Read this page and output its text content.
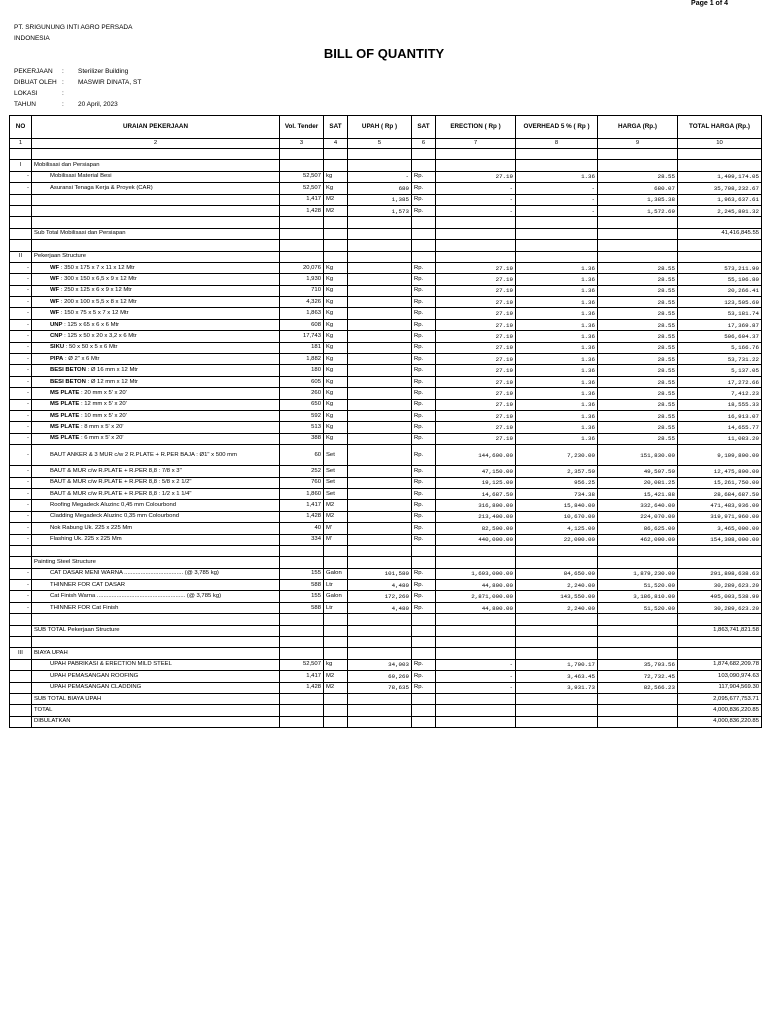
Page 1 of 4
PT. SRIGUNUNG INTI AGRO PERSADA
INDONESIA
BILL OF QUANTITY
PEKERJAAN : Sterilizer Building
DIBUAT OLEH : MASWIR DINATA, ST
LOKASI	:
TAHUN	: 20 April, 2023
NO	URAIAN PEKERJAAN	Vol. Tender	SAT	UPAH ( Rp )	SAT	ERECTION ( Rp )	OVERHEAD 5 % ( Rp )	HARGA (Rp.)	TOTAL HARGA (Rp.)
1	2	3	4	5	6	7	8	9	10

I	Mobilisasi dan Persiapan								
-	Mobilisasi Material Besi	52,507	kg	-	Rp.	27.19	1.36	28.55	1,499,174.05
-	Asuransi Tenaga Kerja & Proyek (CAR)	52,507	Kg	680	Rp.	-	-	680.07	35,708,232.67
		1,417	M2	1,385	Rp.	-	-	1,385.38	1,963,637.61
		1,428	M2	1,573	Rp.	-	-	1,572.69	2,245,801.32

	Sub Total Mobilisasi dan Persiapan								41,416,845.55

II	Pekerjaan Structure								
-	WF : 350 x 175 x 7 x 11 x 12 Mtr	20,076	Kg		Rp.	27.19	1.36	28.55	573,211.90
-	WF : 300 x 150 x 6,5 x 9 x 12 Mtr	1,930	Kg		Rp.	27.19	1.36	28.55	55,106.80
-	WF : 250 x 125 x 6 x 9 x 12 Mtr	710	Kg		Rp.	27.19	1.36	28.55	20,266.41
-	WF : 200 x 100 x 5,5 x 8 x 12 Mtr	4,326	Kg		Rp.	27.19	1.36	28.55	123,505.69
-	WF : 150 x 75 x 5 x 7 x 12 Mtr	1,863	Kg		Rp.	27.19	1.36	28.55	53,181.74
-	UNP : 125 x 65 x 6 x 6 Mtr	608	Kg		Rp.	27.19	1.36	28.55	17,369.87
-	CNP : 125 x 50 x 20 x 3,2 x 6 Mtr	17,743	Kg		Rp.	27.19	1.36	28.55	506,604.37
-	SIKU : 50 x 50 x 5 x 6 Mtr	181	Kg		Rp.	27.19	1.36	28.55	5,166.76
-	PIPA : Ø 2" x 6 Mtr	1,882	Kg		Rp.	27.19	1.36	28.55	53,731.22
-	BESI BETON : Ø 16 mm x 12 Mtr	180	Kg		Rp.	27.19	1.36	28.55	5,137.05
-	BESI BETON : Ø 12 mm x 12 Mtr	605	Kg		Rp.	27.19	1.36	28.55	17,272.66
-	MS PLATE : 20 mm x 5' x 20'	260	Kg		Rp.	27.19	1.36	28.55	7,412.23
-	MS PLATE : 12 mm x 5' x 20'	650	Kg		Rp.	27.19	1.36	28.55	18,555.33
-	MS PLATE : 10 mm x 5' x 20'	592	Kg		Rp.	27.19	1.36	28.55	16,913.07
-	MS PLATE : 8 mm x 5' x 20'	513	Kg		Rp.	27.19	1.36	28.55	14,655.77
-	MS PLATE : 6 mm x 5' x 20'	388	Kg		Rp.	27.19	1.36	28.55	11,083.20
-	BAUT ANKER & 3 MUR c/w 2 R.PLATE + R.PER BAJA : Ø1" x 500 mm	60	Set		Rp.	144,600.00	7,230.00	151,830.00	9,109,800.00
-	BAUT & MUR c/w R.PLATE + R.PER 8,8 : 7/8 x 3"	252	Set		Rp.	47,150.00	2,357.50	49,507.50	12,475,890.00
-	BAUT & MUR c/w R.PLATE + R.PER 8,8 : 5/8 x 2 1/2"	760	Set		Rp.	19,125.00	956.25	20,081.25	15,261,750.00
-	BAUT & MUR c/w R.PLATE + R.PER 8,8 : 1/2 x 1 1/4"	1,860	Set		Rp.	14,687.50	734.38	15,421.88	28,684,687.50
-	Roofing Megadeck Aluzinc 0,45 mm Colourbond	1,417	M2		Rp.	316,800.00	15,840.00	332,640.00	471,483,936.00
-	Cladding Megadeck Aluzinc 0,35 mm Colourbond	1,428	M2		Rp.	213,400.00	10,670.00	224,070.00	319,971,960.00
-	Nok Rabung Uk. 225 x 225 Mm	40	M'		Rp.	82,500.00	4,125.00	86,625.00	3,465,000.00
-	Flashing Uk. 225 x 225 Mm	334	M'		Rp.	440,000.00	22,000.00	462,000.00	154,308,000.00

	Painting Steel Structure								
-	CAT DASAR MENI WARNA .................................... (@ 3,785 kg)	155	Galon	101,580	Rp.	1,693,000.00	84,650.00	1,879,230.00	291,898,638.63
-	THINNER FOR CAT DASAR	588	Ltr	4,480	Rp.	44,800.00	2,240.00	51,520.00	30,289,623.20
-	Cat Finish Warna ...................................................... (@ 3,785 kg)	155	Galon	172,260	Rp.	2,871,000.00	143,550.00	3,186,810.00	495,003,538.99
-	THINNER FOR Cat Finish	588	Ltr	4,480	Rp.	44,800.00	2,240.00	51,520.00	30,289,623.20

	SUB TOTAL Pekerjaan Structure								1,863,741,821.58

III	BIAYA UPAH								
	UPAH PABRIKASI & ERECTION MILD STEEL	52,507	kg	34,003	Rp.	-	1,700.17	35,703.56	1,874,682,209.78
	UPAH PEMASANGAN ROOFING	1,417	M2	69,269	Rp.	-	3,463.45	72,732.45	103,090,974.63
	UPAH PEMASANGAN CLADDING	1,428	M2	78,635	Rp.	-	3,931.73	82,566.23	117,904,569.30
	SUB TOTAL BIAYA UPAH								2,095,677,753.71
	TOTAL								4,000,836,220.85
	DIBULATKAN								4,000,836,220.85
